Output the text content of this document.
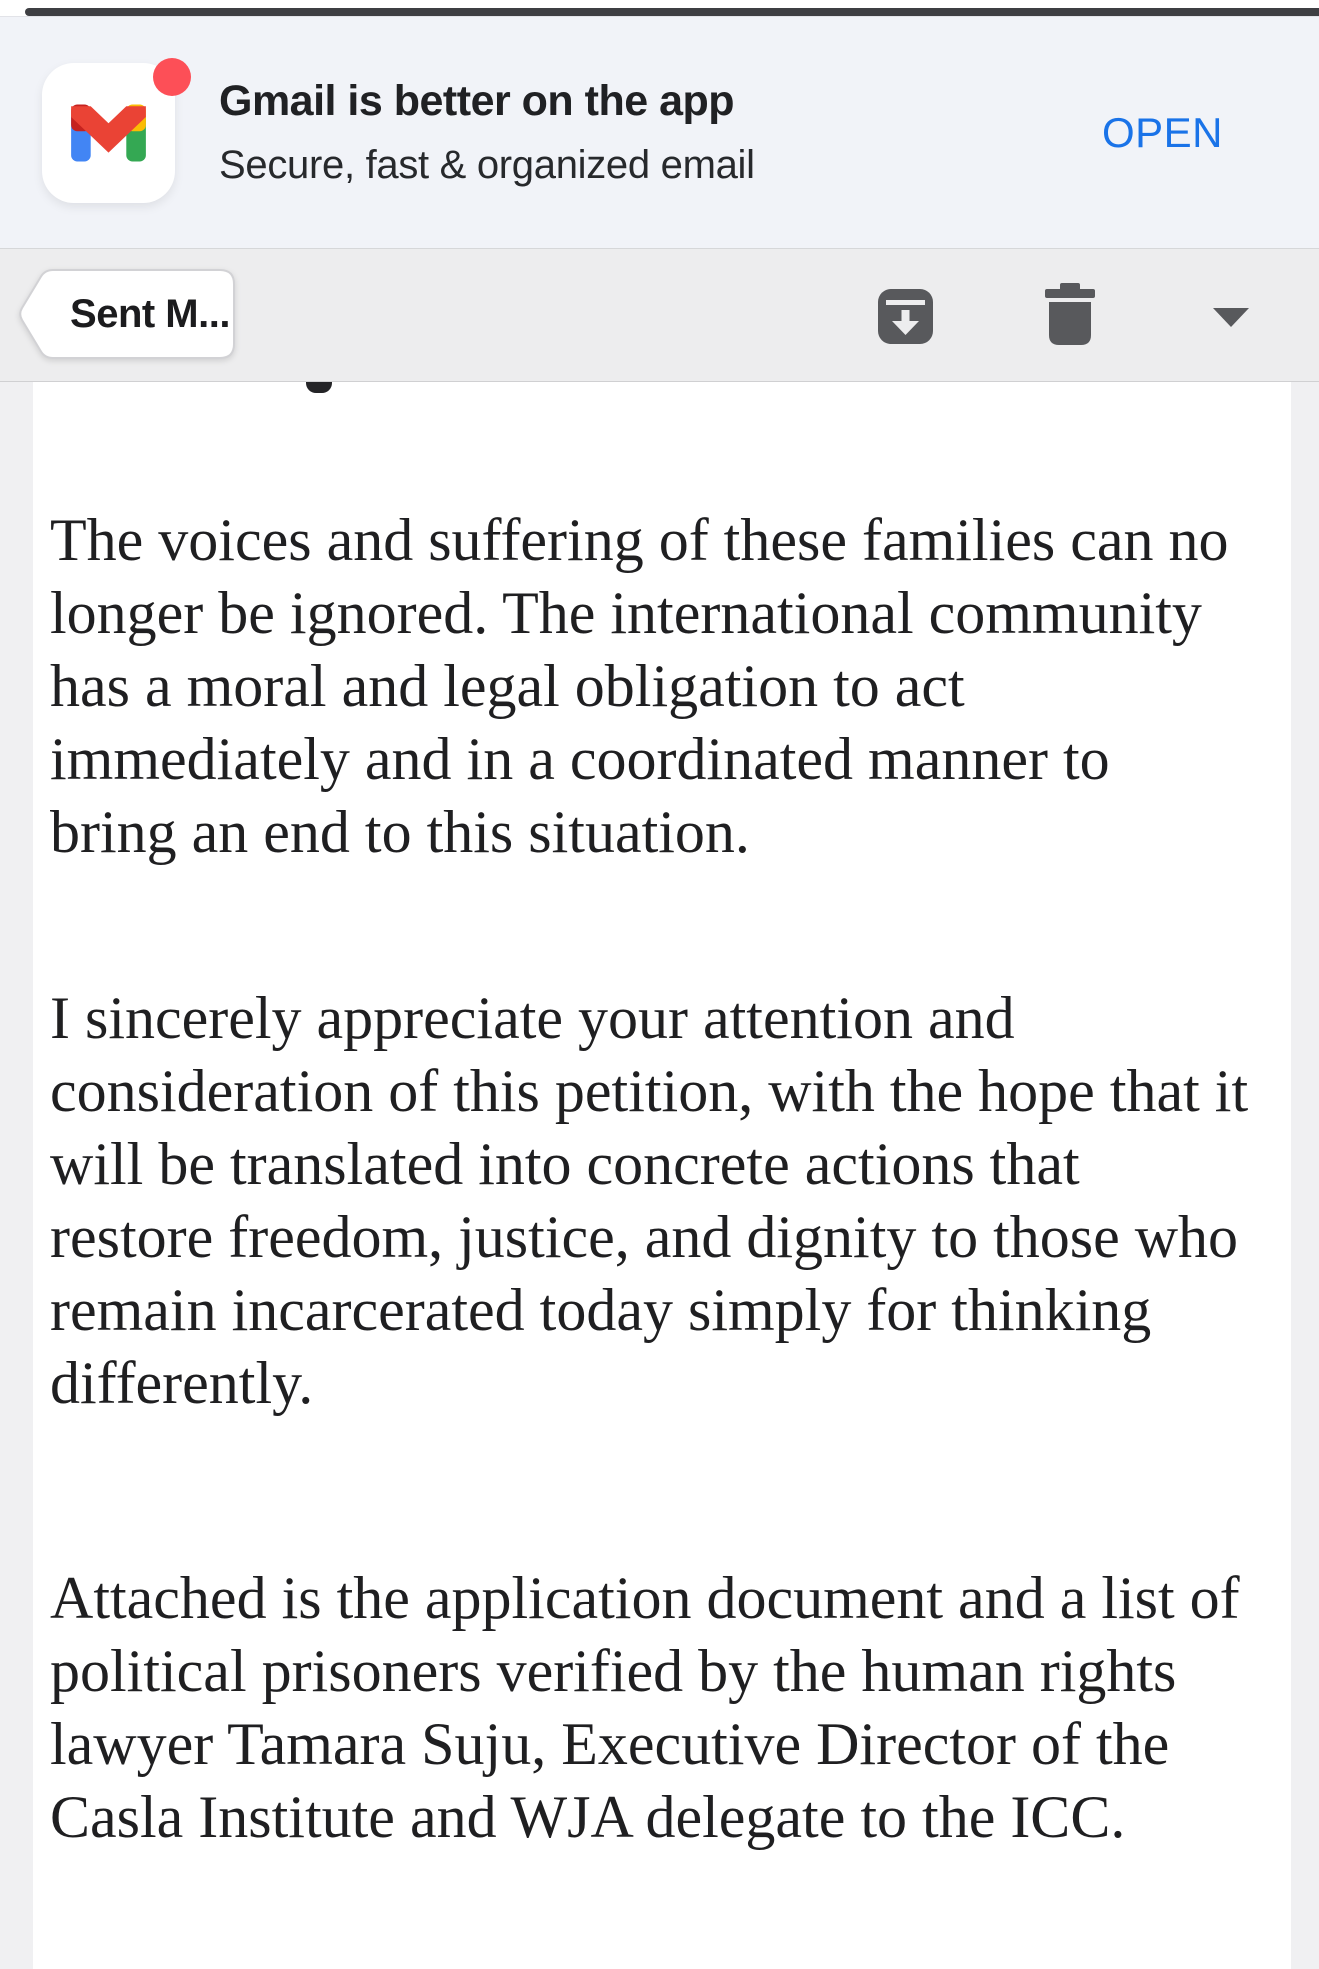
Gmail is better on the app
Secure, fast & organized email
OPEN
Sent M...
The voices and suffering of these families can no
longer be ignored. The international community
has a moral and legal obligation to act
immediately and in a coordinated manner to
bring an end to this situation.
I sincerely appreciate your attention and
consideration of this petition, with the hope that it
will be translated into concrete actions that
restore freedom, justice, and dignity to those who
remain incarcerated today simply for thinking
differently.
Attached is the application document and a list of
political prisoners verified by the human rights
lawyer Tamara Suju, Executive Director of the
Casla Institute and WJA delegate to the ICC.
